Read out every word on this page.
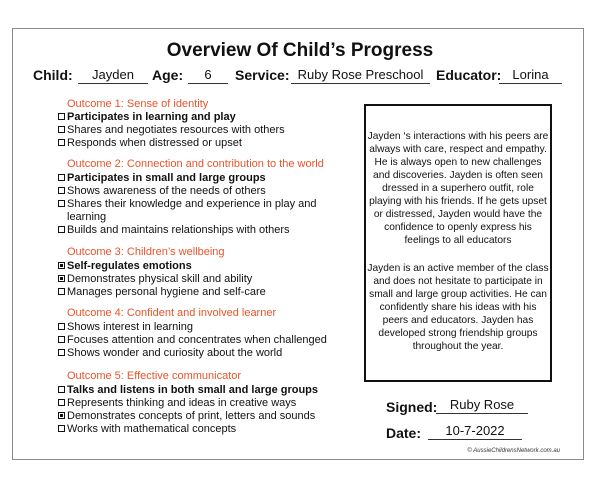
Overview Of Child’s Progress
Child:	Jayden	Age:	6	Service: Ruby Rose Preschool Educator: Lorina
Outcome 1: Sense of identity
Participates in learning and play
Shares and negotiates resources with others
Responds when distressed or upset
Outcome 2: Connection and contribution to the world
Participates in small and large groups
Shows awareness of the needs of others
Shares their knowledge and experience in play and learning
Builds and maintains relationships with others
Outcome 3: Children’s wellbeing
Self-regulates emotions
Demonstrates physical skill and ability
Manages personal hygiene and self-care
Outcome 4: Confident and involved learner
Shows interest in learning
Focuses attention and concentrates when challenged
Shows wonder and curiosity about the world
Outcome 5: Effective communicator
Talks and listens in both small and large groups
Represents thinking and ideas in creative ways
Demonstrates concepts of print, letters and sounds
Works with mathematical concepts
Jayden ‘s interactions with his peers are always with care, respect and empathy. He is always open to new challenges and discoveries. Jayden is often seen dressed in a superhero outfit, role playing with his friends. If he gets upset or distressed, Jayden would have the confidence to openly express his feelings to all educators
Jayden is an active member of the class and does not hesitate to participate in small and large group activities. He can confidently share his ideas with his peers and educators. Jayden has developed strong friendship groups throughout the year.
Signed: Ruby Rose
Date:	10-7-2022
© AussieChildrensNetwork.com.au
